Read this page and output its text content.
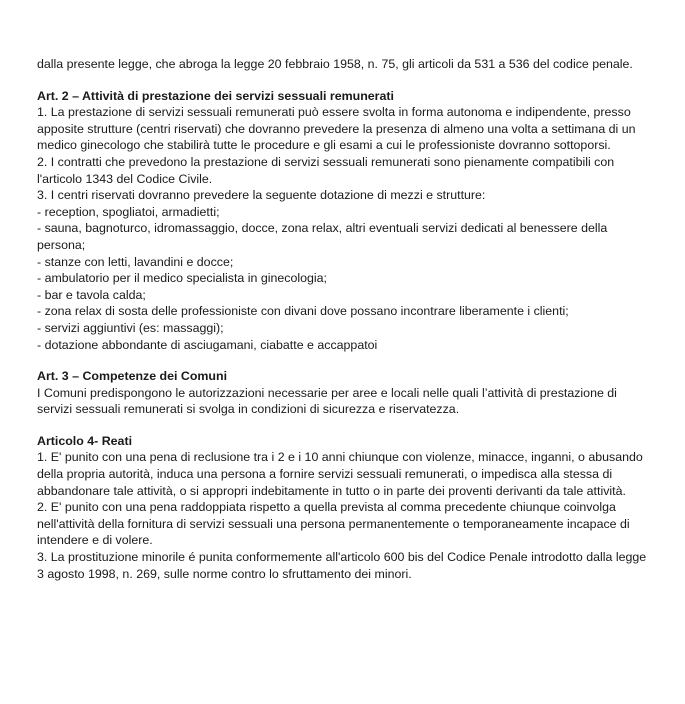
dalla presente legge, che abroga la legge 20 febbraio 1958, n. 75, gli articoli da 531 a 536 del codice penale.

Art. 2 – Attività di prestazione dei servizi sessuali remunerati

1. La prestazione di servizi sessuali remunerati può essere svolta in forma autonoma e indipendente, presso apposite strutture (centri riservati) che dovranno prevedere la presenza di almeno una volta a settimana di un medico ginecologo che stabilirà tutte le procedure e gli esami a cui le professioniste dovranno sottoporsi.

2. I contratti che prevedono la prestazione di servizi sessuali remunerati sono pienamente compatibili con l'articolo 1343 del Codice Civile.

3. I centri riservati dovranno prevedere la seguente dotazione di mezzi e strutture:

- reception, spogliatoi, armadietti;
- sauna, bagnoturco, idromassaggio, docce, zona relax, altri eventuali servizi dedicati al benessere della persona;
- stanze con letti, lavandini e docce;
- ambulatorio per il medico specialista in ginecologia;
- bar e tavola calda;
- zona relax di sosta delle professioniste con divani dove possano incontrare liberamente i clienti;
- servizi aggiuntivi (es: massaggi);
- dotazione abbondante di asciugamani, ciabatte e accappatoi

Art. 3 – Competenze dei Comuni

I Comuni predispongono le autorizzazioni necessarie per aree e locali nelle quali l’attività di prestazione di servizi sessuali remunerati si svolga in condizioni di sicurezza e riservatezza.

Articolo 4- Reati

1. E' punito con una pena di reclusione tra i 2 e i 10 anni chiunque con violenze, minacce, inganni, o abusando della propria autorità, induca una persona a fornire servizi sessuali remunerati, o impedisca alla stessa di abbandonare tale attività, o si appropri indebitamente in tutto o in parte dei proventi derivanti da tale attività.

2. E' punito con una pena raddoppiata rispetto a quella prevista al comma precedente chiunque coinvolga nell'attività della fornitura di servizi sessuali una persona permanentemente o temporaneamente incapace di intendere e di volere.

3. La prostituzione minorile é punita conformemente all'articolo 600 bis del Codice Penale introdotto dalla legge 3 agosto 1998, n. 269, sulle norme contro lo sfruttamento dei minori.
